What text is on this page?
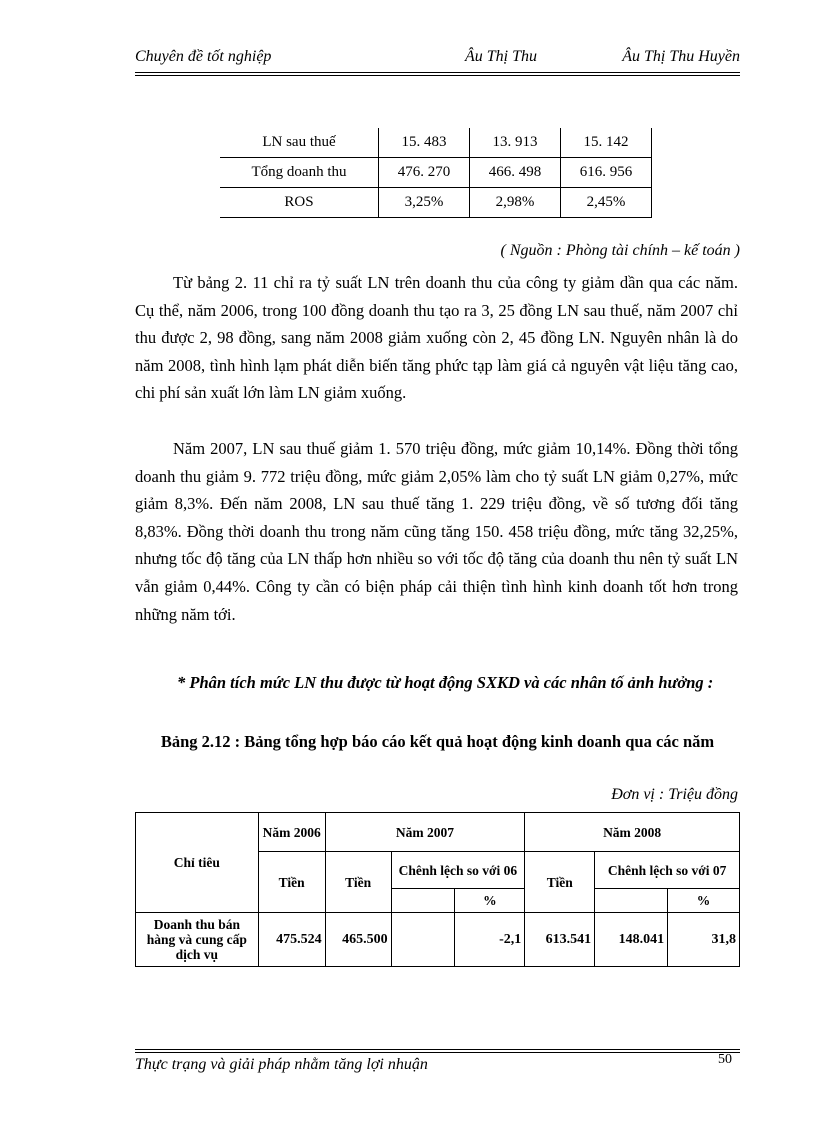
Chuyên đề tốt nghiệp	Âu Thị Thu	Âu Thị Thu Huyền
LN sau thuế	15. 483	13. 913	15. 142
Tổng doanh thu	476. 270	466. 498	616. 956
ROS	3,25%	2,98%	2,45%
( Nguồn : Phòng tài chính – kế toán )

Từ bảng 2. 11 chỉ ra tỷ suất LN trên doanh thu của công ty giảm dần qua các năm. Cụ thể, năm 2006, trong 100 đồng doanh thu tạo ra 3, 25 đồng LN sau thuế, năm 2007 chỉ thu được 2, 98 đồng, sang năm 2008 giảm xuống còn 2, 45 đồng LN. Nguyên nhân là do năm 2008, tình hình lạm phát diễn biến tăng phức tạp làm giá cả nguyên vật liệu tăng cao, chi phí sản xuất lớn làm LN giảm xuống.

Năm 2007, LN sau thuế giảm 1. 570 triệu đồng, mức giảm 10,14%. Đồng thời tổng doanh thu giảm 9. 772 triệu đồng, mức giảm 2,05% làm cho tỷ suất LN giảm 0,27%, mức giảm 8,3%. Đến năm 2008, LN sau thuế tăng 1. 229 triệu đồng, về số tương đối tăng 8,83%. Đồng thời doanh thu trong năm cũng tăng 150. 458 triệu đồng, mức tăng 32,25%, nhưng tốc độ tăng của LN thấp hơn nhiều so với tốc độ tăng của doanh thu nên tỷ suất LN vẫn giảm 0,44%. Công ty cần có biện pháp cải thiện tình hình kinh doanh tốt hơn trong những năm tới.

* Phân tích mức LN thu được từ hoạt động SXKD và các nhân tố ảnh hưởng :

Bảng 2.12 : Bảng tổng hợp báo cáo kết quả hoạt động kinh doanh qua các năm

Đơn vị : Triệu đồng
Chỉ tiêu	Năm 2006	Năm 2007			Năm 2008		
	Tiền	Tiền	Chênh lệch so với 06		Tiền	Chênh lệch so với 07	
				%			%
Doanh thu bán hàng và cung cấp dịch vụ	475.524	465.500		-2,1	613.541	148.041	31,8
Thực trạng và giải pháp nhằm tăng lợi nhuận	50
